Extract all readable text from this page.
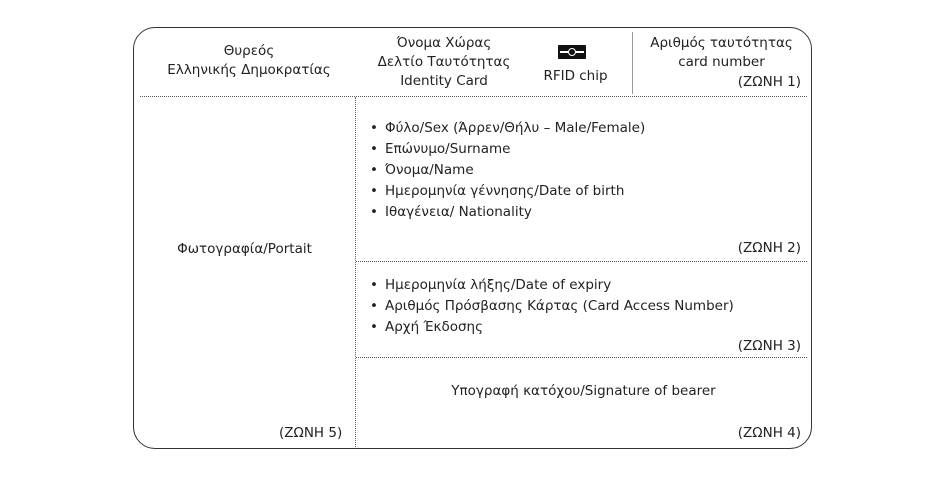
Θυρεός
Ελληνικής Δημοκρατίας
Όνομα Χώρας
Δελτίο Ταυτότητας
Identity Card	RFID chip
Αριθμός ταυτότητας
card number
(ΖΩΝΗ 1)
Φωτογραφία/Portait
(ΖΩΝΗ 5)
• Φύλο/Sex (Άρρεν/Θήλυ – Male/Female)
• Επώνυμο/Surname
• Όνομα/Name
• Ημερομηνία γέννησης/Date of birth
• Ιθαγένεια/ Nationality
(ΖΩΝΗ 2)
• Ημερομηνία λήξης/Date of expiry
• Αριθμός Πρόσβασης Κάρτας (Card Access Number)
• Αρχή Έκδοσης
(ΖΩΝΗ 3)
Υπογραφή κατόχου/Signature of bearer
(ΖΩΝΗ 4)
